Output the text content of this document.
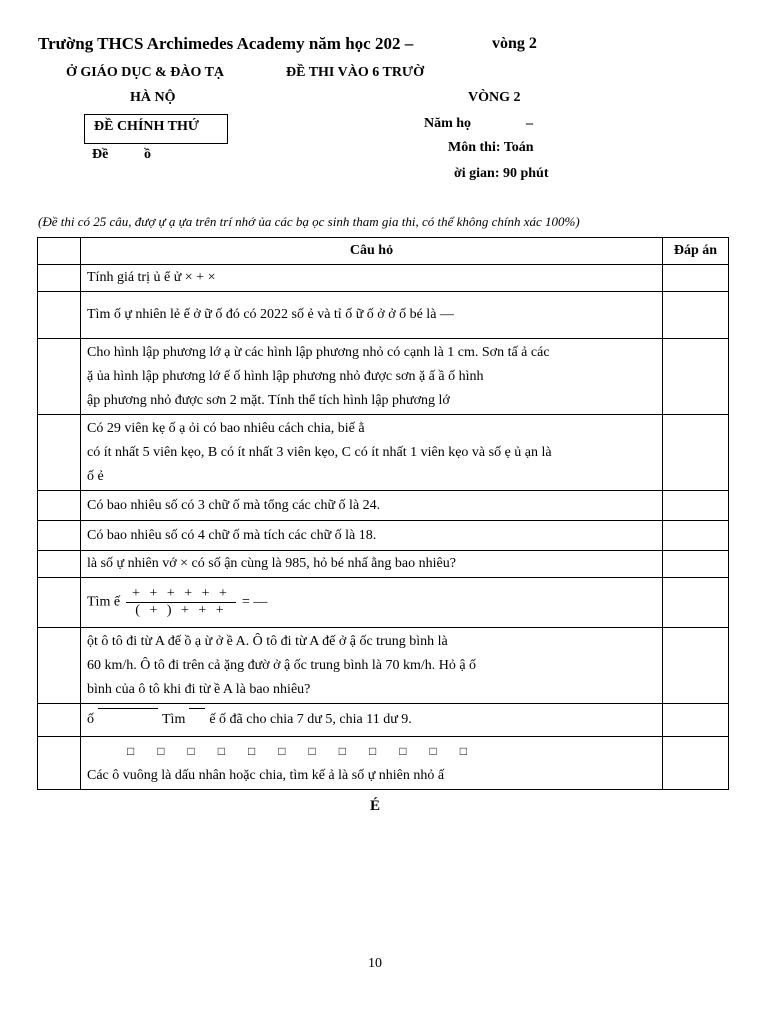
Trường THCS Archimedes Academy năm học 202 –	vòng 2
Ở GIÁO DỤC & ĐÀO TẠ	ĐỀ THI VÀO 6 TRƯỜ
HÀ NỘ	VÒNG 2
ĐỀ CHÍNH THỨ	Năm họ	–
Môn thi: Toán
Đề	ồ
ời gian: 90 phút
(Đề thi có 25 câu, đượ ự ạ ựa trên trí nhớ ủa các bạ ọc sinh tham gia thi, có thể không chính xác 100%)
	Câu hỏ	Đáp án

	Tính giá trị ủ ể ử × + ×	

	Tìm ố ự nhiên lẻ ế ở ữ ố đó có 2022 số ẻ và tỉ ố ữ ố ở ở ố bé là —	

	Cho hình lập phương lớ ạ ừ các hình lập phương nhỏ có cạnh là 1 cm. Sơn tấ ả các
ặ ủa hình lập phương lớ ế ố hình lập phương nhỏ được sơn ặ ấ ầ ố hình
ập phương nhỏ được sơn 2 mặt. Tính thể tích hình lập phương lớ	

	Có 29 viên kẹ ố ạ ỏi có bao nhiêu cách chia, biế ằ
có ít nhất 5 viên kẹo, B có ít nhất 3 viên kẹo, C có ít nhất 1 viên kẹo và số ẹ ủ ạn là
ố ẻ	

	Có bao nhiêu số có 3 chữ ố mà tổng các chữ ố là 24.	

	Có bao nhiêu số có 4 chữ ố mà tích các chữ ố là 18.	

	là số ự nhiên vớ × có số ận cùng là 985, hỏ bé nhấ ằng bao nhiêu?	

	Tìm ế $\frac{+ + + + + +}{( + ) + + +}$ = —	

	ột ô tô đi từ A đế ồ ạ ừ ở ề A. Ô tô đi từ A đế ở ậ ốc trung bình là
60 km/h. Ô tô đi trên cả ặng đườ ở ậ ốc trung bình là 70 km/h. Hỏ ậ ố
bình của ô tô khi đi từ ề A là bao nhiêu?	

	ố Tìm ế ố đã cho chia 7 dư 5, chia 11 dư 9.	

	□ □ □ □ □ □ □ □ □ □ □ □
Các ô vuông là dấu nhân hoặc chia, tìm kế ả là số ự nhiên nhỏ ấ	

É
10
